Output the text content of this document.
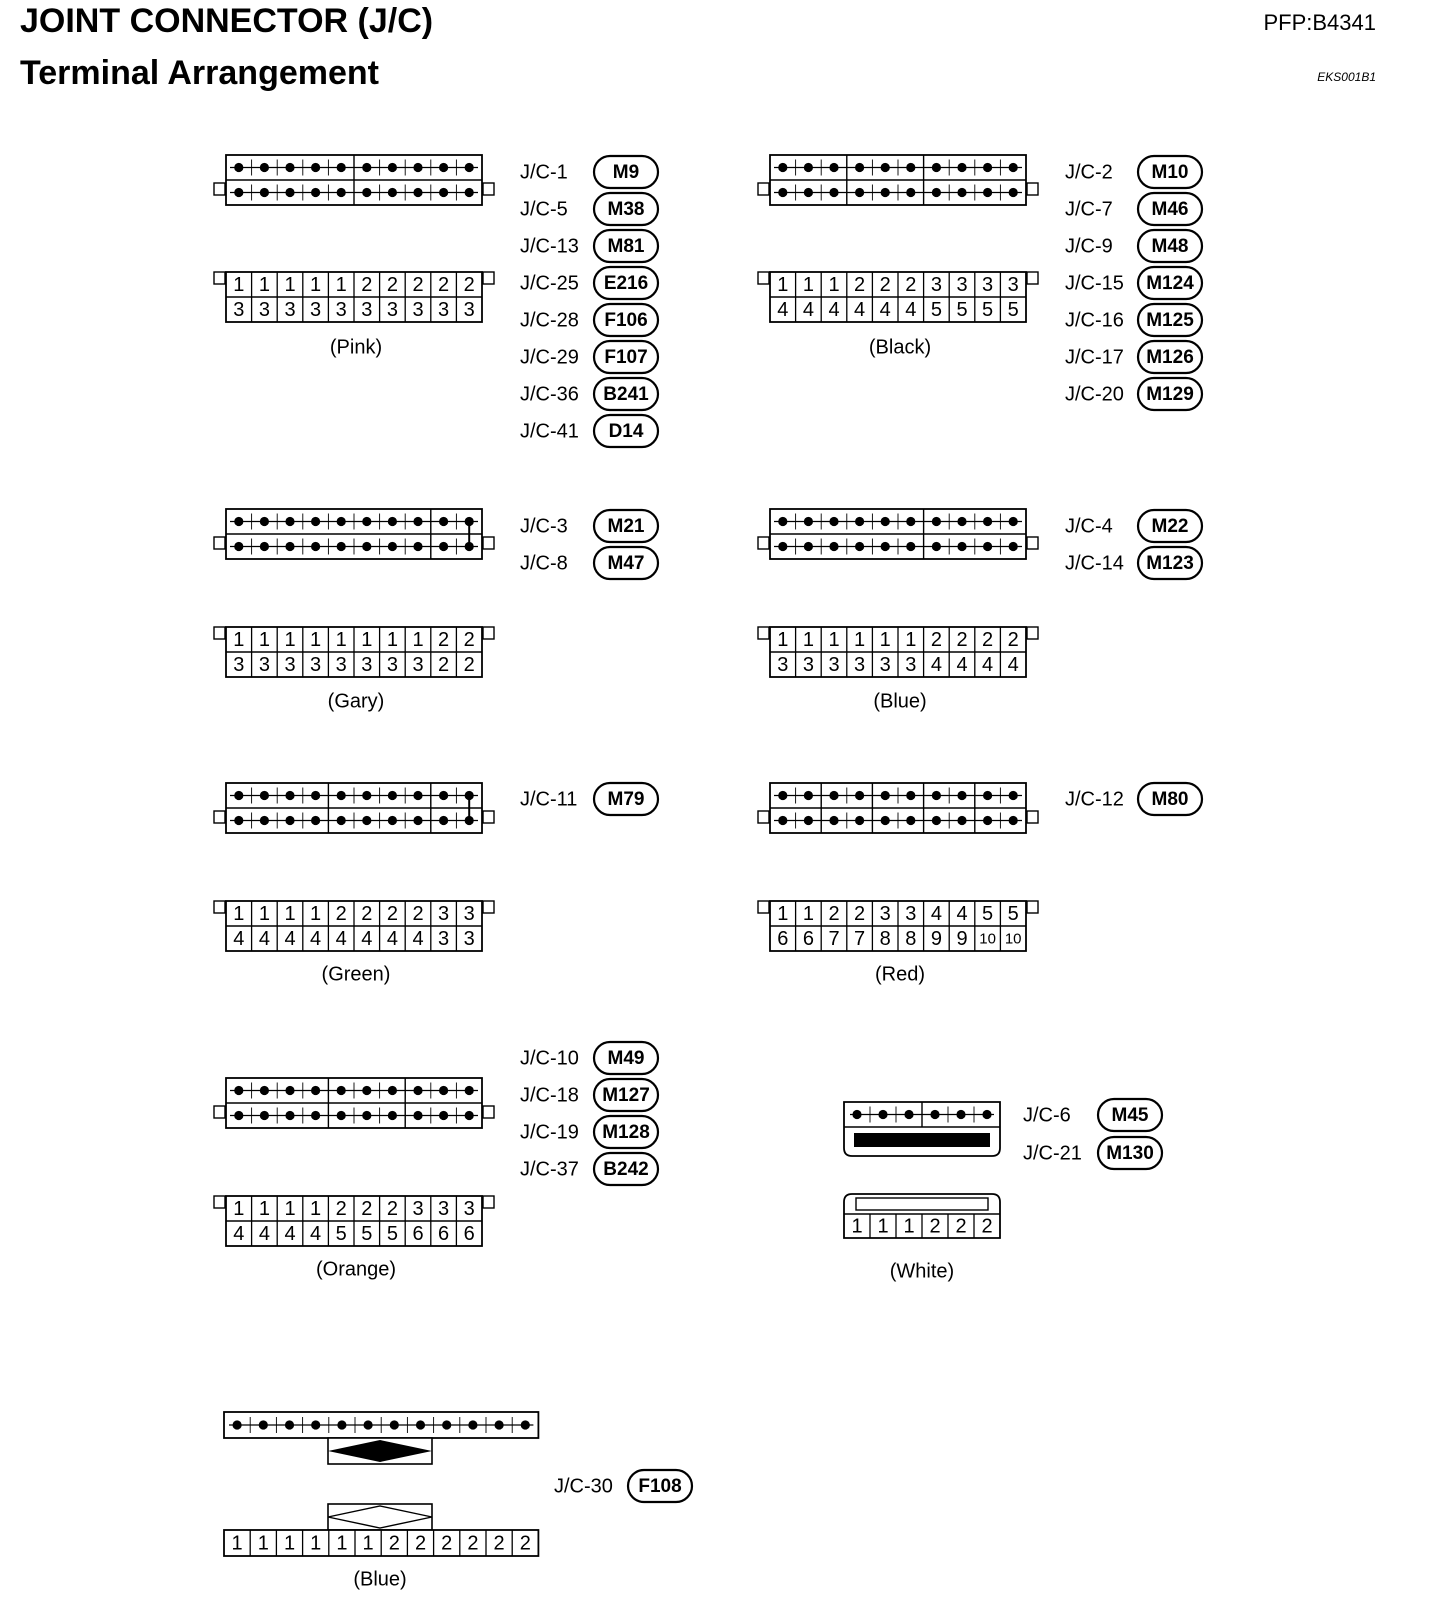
JOINT CONNECTOR (J/C)
Terminal Arrangement
PFP:B4341
EKS001B1
1 1 1 1 1 2 2 2 2 2
3 3 3 3 3 3 3 3 3 3
(Pink)
J/C-1 M9
J/C-5 M38
J/C-13 M81
J/C-25 E216
J/C-28 F106
J/C-29 F107
J/C-36 B241
J/C-41 D14
1 1 1 2 2 2 3 3 3 3
4 4 4 4 4 4 5 5 5 5
(Black)
J/C-2 M10
J/C-7 M46
J/C-9 M48
J/C-15 M124
J/C-16 M125
J/C-17 M126
J/C-20 M129
1 1 1 1 1 1 1 1 2 2
3 3 3 3 3 3 3 3 2 2
(Gary)
J/C-3 M21
J/C-8 M47
1 1 1 1 1 1 2 2 2 2
3 3 3 3 3 3 4 4 4 4
(Blue)
J/C-4 M22
J/C-14 M123
1 1 1 1 2 2 2 2 3 3
4 4 4 4 4 4 4 4 3 3
(Green)
J/C-11 M79
1 1 2 2 3 3 4 4 5 5
6 6 7 7 8 8 9 9 10 10
(Red)
J/C-12 M80
1 1 1 1 2 2 2 3 3 3
4 4 4 4 5 5 5 6 6 6
(Orange)
J/C-10 M49
J/C-18 M127
J/C-19 M128
J/C-37 B242
1 1 1 2 2 2
(White)
J/C-6 M45
J/C-21 M130
1 1 1 1 1 1 2 2 2 2 2 2
(Blue)
J/C-30 F108
